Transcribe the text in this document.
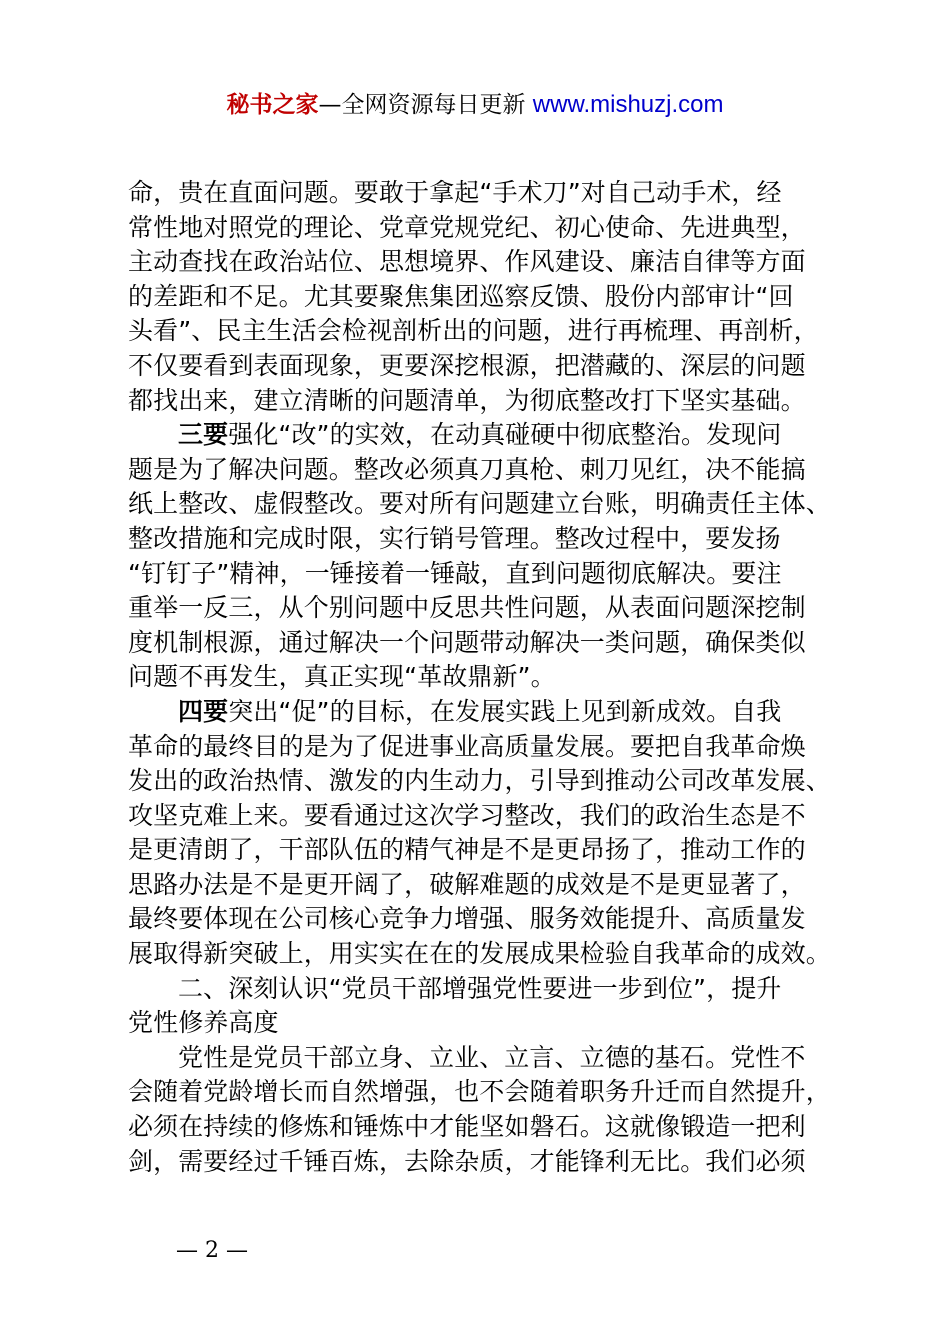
秘书之家—全网资源每日更新 www.mishuzj.com
命，贵在直面问题。要敢于拿起“手术刀”对自己动手术，经
常性地对照党的理论、党章党规党纪、初心使命、先进典型，
主动查找在政治站位、思想境界、作风建设、廉洁自律等方面
的差距和不足。尤其要聚焦集团巡察反馈、股份内部审计“回
头看”、民主生活会检视剖析出的问题，进行再梳理、再剖析，
不仅要看到表面现象，更要深挖根源，把潜藏的、深层的问题
都找出来，建立清晰的问题清单，为彻底整改打下坚实基础。
三要强化“改”的实效，在动真碰硬中彻底整治。发现问
题是为了解决问题。整改必须真刀真枪、刺刀见红，决不能搞
纸上整改、虚假整改。要对所有问题建立台账，明确责任主体、
整改措施和完成时限，实行销号管理。整改过程中，要发扬
“钉钉子”精神，一锤接着一锤敲，直到问题彻底解决。要注
重举一反三，从个别问题中反思共性问题，从表面问题深挖制
度机制根源，通过解决一个问题带动解决一类问题，确保类似
问题不再发生，真正实现“革故鼎新”。
四要突出“促”的目标，在发展实践上见到新成效。自我
革命的最终目的是为了促进事业高质量发展。要把自我革命焕
发出的政治热情、激发的内生动力，引导到推动公司改革发展、
攻坚克难上来。要看通过这次学习整改，我们的政治生态是不
是更清朗了，干部队伍的精气神是不是更昂扬了，推动工作的
思路办法是不是更开阔了，破解难题的成效是不是更显著了，
最终要体现在公司核心竞争力增强、服务效能提升、高质量发
展取得新突破上，用实实在在的发展成果检验自我革命的成效。
二、深刻认识“党员干部增强党性要进一步到位”，提升
党性修养高度
党性是党员干部立身、立业、立言、立德的基石。党性不
会随着党龄增长而自然增强，也不会随着职务升迁而自然提升，
必须在持续的修炼和锤炼中才能坚如磐石。这就像锻造一把利
剑，需要经过千锤百炼，去除杂质，才能锋利无比。我们必须
— 2 —
